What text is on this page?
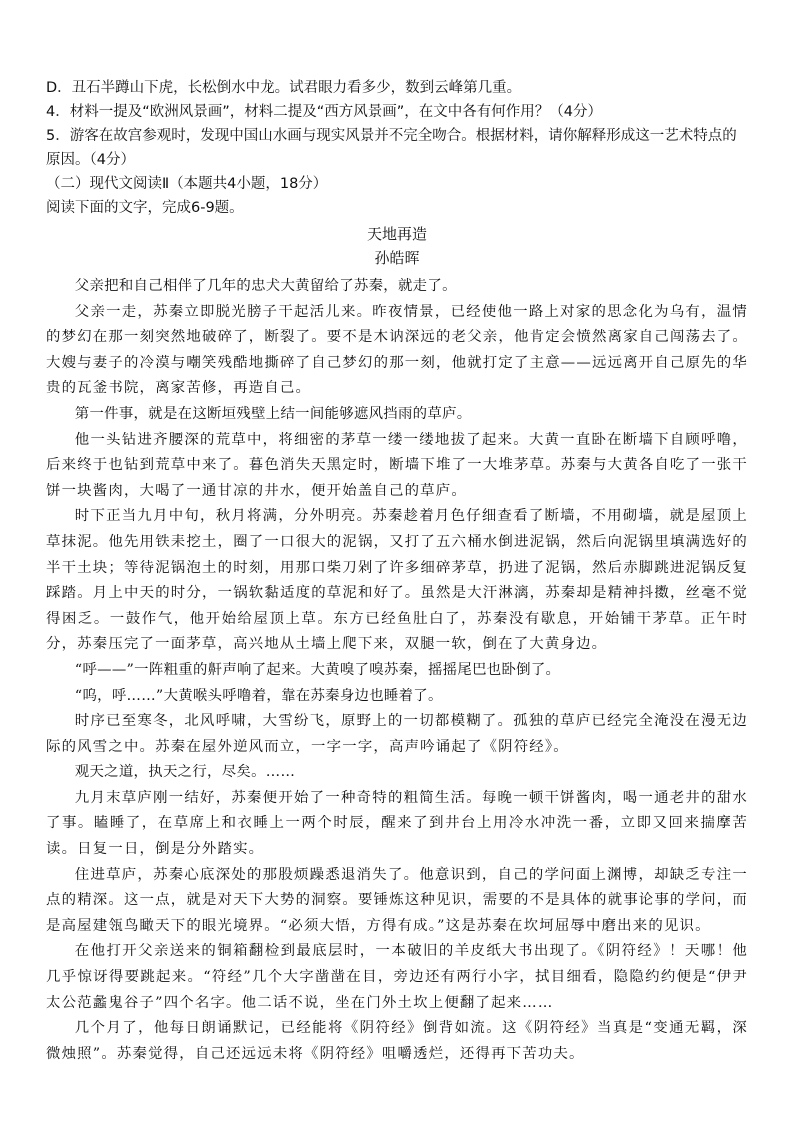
D．丑石半蹲山下虎，长松倒水中龙。试君眼力看多少，数到云峰第几重。

4．材料一提及“欧洲风景画”，材料二提及“西方风景画”，在文中各有何作用？（4分）

5．游客在故宫参观时，发现中国山水画与现实风景并不完全吻合。根据材料，请你解释形成这一艺术特点的原因。（4分）

（二）现代文阅读Ⅱ（本题共4小题，18分）

阅读下面的文字，完成6-9题。

天地再造
孙皓晖

父亲把和自己相伴了几年的忠犬大黄留给了苏秦，就走了。

父亲一走，苏秦立即脱光膀子干起活儿来。昨夜情景，已经使他一路上对家的思念化为乌有，温情的梦幻在那一刻突然地破碎了，断裂了。要不是木讷深远的老父亲，他肯定会愤然离家自己闯荡去了。大嫂与妻子的冷漠与嘲笑残酷地撕碎了自己梦幻的那一刻，他就打定了主意——远远离开自己原先的华贵的瓦釜书院，离家苦修，再造自己。

第一件事，就是在这断垣残壁上结一间能够遮风挡雨的草庐。

他一头钻进齐腰深的荒草中，将细密的茅草一缕一缕地拔了起来。大黄一直卧在断墙下自顾呼噜，后来终于也钻到荒草中来了。暮色消失天黑定时，断墙下堆了一大堆茅草。苏秦与大黄各自吃了一张干饼一块酱肉，大喝了一通甘凉的井水，便开始盖自己的草庐。

时下正当九月中旬，秋月将满，分外明亮。苏秦趁着月色仔细查看了断墙，不用砌墙，就是屋顶上草抹泥。他先用铁耒挖土，圈了一口很大的泥锅，又打了五六桶水倒进泥锅，然后向泥锅里填满选好的半干土块；等待泥锅泡土的时刻，用那口柴刀剁了许多细碎茅草，扔进了泥锅，然后赤脚跳进泥锅反复踩踏。月上中天的时分，一锅软黏适度的草泥和好了。虽然是大汗淋漓，苏秦却是精神抖擞，丝毫不觉得困乏。一鼓作气，他开始给屋顶上草。东方已经鱼肚白了，苏秦没有歇息，开始铺干茅草。正午时分，苏秦压完了一面茅草，高兴地从土墙上爬下来，双腿一软，倒在了大黄身边。

“呼——”一阵粗重的鼾声响了起来。大黄嗅了嗅苏秦，摇摇尾巴也卧倒了。

“呜，呼……”大黄喉头呼噜着，靠在苏秦身边也睡着了。

时序已至寒冬，北风呼啸，大雪纷飞，原野上的一切都模糊了。孤独的草庐已经完全淹没在漫无边际的风雪之中。苏秦在屋外逆风而立，一字一字，高声吟诵起了《阴符经》。

观天之道，执天之行，尽矣。……

九月末草庐刚一结好，苏秦便开始了一种奇特的粗简生活。每晚一顿干饼酱肉，喝一通老井的甜水了事。瞌睡了，在草席上和衣睡上一两个时辰，醒来了到井台上用冷水冲洗一番，立即又回来揣摩苦读。日复一日，倒是分外踏实。

住进草庐，苏秦心底深处的那股烦躁悉退消失了。他意识到，自己的学问面上渊博，却缺乏专注一点的精深。这一点，就是对天下大势的洞察。要锤炼这种见识，需要的不是具体的就事论事的学问，而是高屋建瓴鸟瞰天下的眼光境界。“必须大悟，方得有成。”这是苏秦在坎坷屈辱中磨出来的见识。

在他打开父亲送来的铜箱翻检到最底层时，一本破旧的羊皮纸大书出现了。《阴符经》！天哪！他几乎惊讶得要跳起来。“符经”几个大字凿凿在目，旁边还有两行小字，拭目细看，隐隐约约便是“伊尹太公范蠡鬼谷子”四个名字。他二话不说，坐在门外土坎上便翻了起来……

几个月了，他每日朗诵默记，已经能将《阴符经》倒背如流。这《阴符经》当真是“变通无羁，深微烛照”。苏秦觉得，自己还远远未将《阴符经》咀嚼透烂，还得再下苦功夫。
